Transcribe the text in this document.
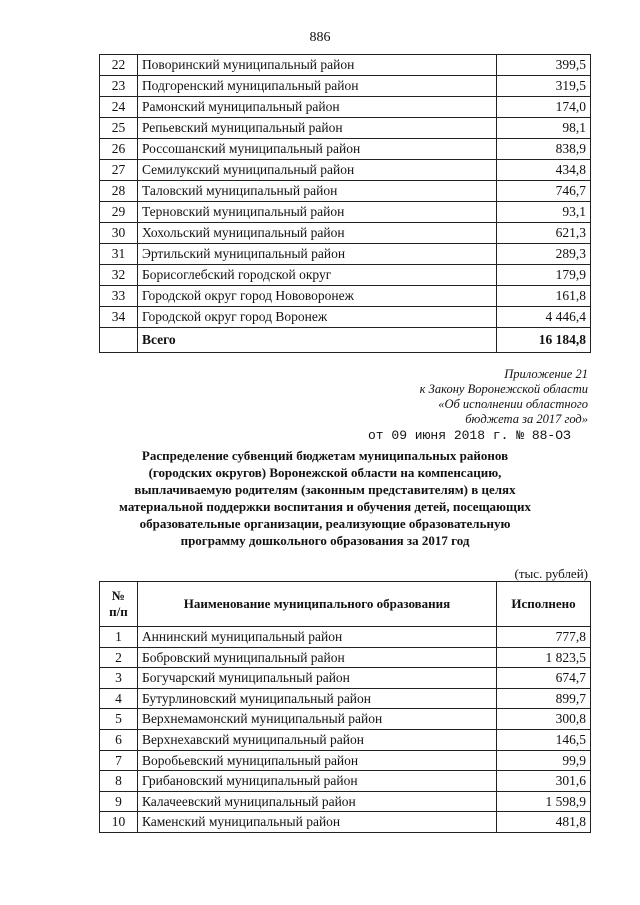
886
22	Поворинский муниципальный район	399,5
23	Подгоренский муниципальный район	319,5
24	Рамонский муниципальный район	174,0
25	Репьевский муниципальный район	98,1
26	Россошанский муниципальный район	838,9
27	Семилукский муниципальный район	434,8
28	Таловский муниципальный район	746,7
29	Терновский муниципальный район	93,1
30	Хохольский муниципальный район	621,3
31	Эртильский муниципальный район	289,3
32	Борисоглебский городской округ	179,9
33	Городской округ город Нововоронеж	161,8
34	Городской округ город Воронеж	4 446,4
	Всего	16 184,8
Приложение 21
к Закону Воронежской области
«Об исполнении областного
бюджета за 2017 год»
от 09 июня 2018 г. № 88-ОЗ
Распределение субвенций бюджетам муниципальных районов
(городских округов) Воронежской области на компенсацию,
выплачиваемую родителям (законным представителям) в целях
материальной поддержки воспитания и обучения детей, посещающих
образовательные организации, реализующие образовательную
программу дошкольного образования за 2017 год
(тыс. рублей)
№
п/п	Наименование муниципального образования	Исполнено
1	Аннинский муниципальный район	777,8
2	Бобровский муниципальный район	1 823,5
3	Богучарский муниципальный район	674,7
4	Бутурлиновский муниципальный район	899,7
5	Верхнемамонский муниципальный район	300,8
6	Верхнехавский муниципальный район	146,5
7	Воробьевский муниципальный район	99,9
8	Грибановский муниципальный район	301,6
9	Калачеевский муниципальный район	1 598,9
10	Каменский муниципальный район	481,8
